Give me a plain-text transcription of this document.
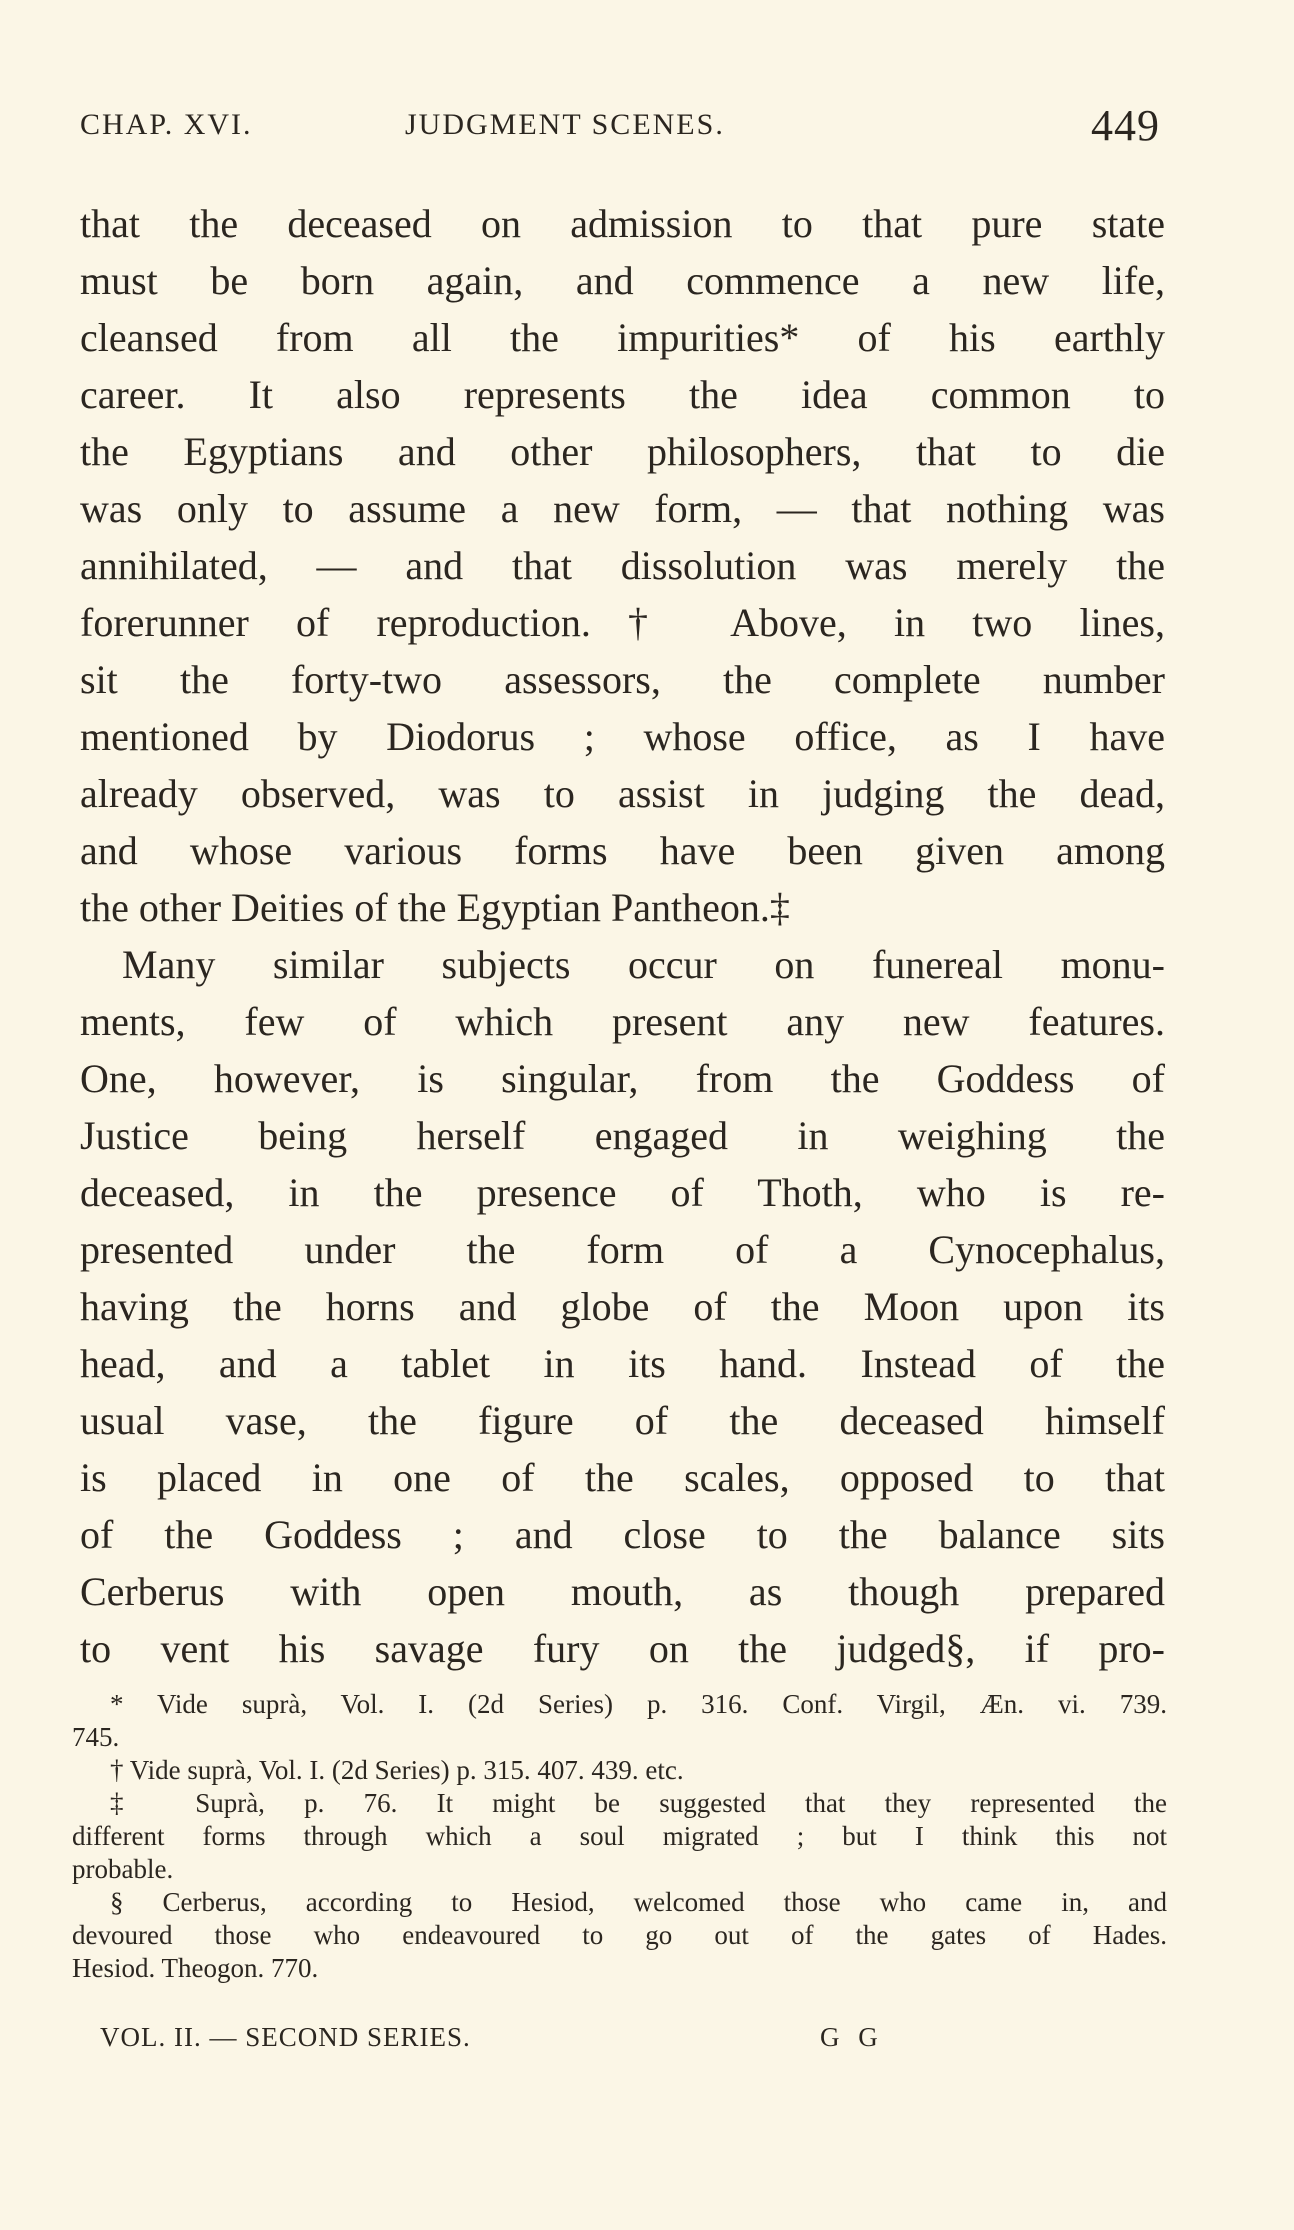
CHAP. XVI.	JUDGMENT SCENES.	449
that the deceased on admission to that pure state
must be born again, and commence a new life,
cleansed from all the impurities* of his earthly
career. It also represents the idea common to
the Egyptians and other philosophers, that to die
was only to assume a new form, — that nothing was
annihilated, — and that dissolution was merely the
forerunner of reproduction.† Above, in two lines,
sit the forty-two assessors, the complete number
mentioned by Diodorus ; whose office, as I have
already observed, was to assist in judging the dead,
and whose various forms have been given among
the other Deities of the Egyptian Pantheon.‡
Many similar subjects occur on funereal monu-
ments, few of which present any new features.
One, however, is singular, from the Goddess of
Justice being herself engaged in weighing the
deceased, in the presence of Thoth, who is re-
presented under the form of a Cynocephalus,
having the horns and globe of the Moon upon its
head, and a tablet in its hand. Instead of the
usual vase, the figure of the deceased himself
is placed in one of the scales, opposed to that
of the Goddess ; and close to the balance sits
Cerberus with open mouth, as though prepared
to vent his savage fury on the judged§, if pro-
* Vide suprà, Vol. I. (2d Series) p. 316. Conf. Virgil, Æn. vi. 739.
745.
† Vide suprà, Vol. I. (2d Series) p. 315. 407. 439. etc.
‡ Suprà, p. 76. It might be suggested that they represented the
different forms through which a soul migrated ; but I think this not
probable.
§ Cerberus, according to Hesiod, welcomed those who came in, and
devoured those who endeavoured to go out of the gates of Hades.
Hesiod. Theogon. 770.
VOL. II. — SECOND SERIES.	G G
